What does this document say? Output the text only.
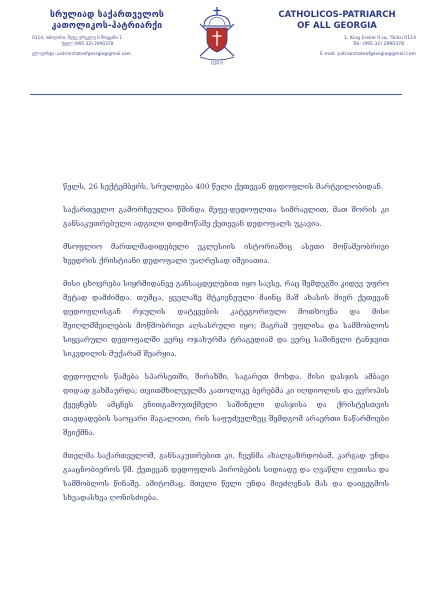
სრულიად საქართველოს
კათოლიკოს-პატრიარქი
0114, თბილისი, მეფე ერეკლე II შოყვანი 1
ტელ: (995 32) 2990378
ელ-ფოსტა: patriarchateofgeorgia@gmail.com
ILIA II
CATHOLICOS-PATRIARCH
OF ALL GEORGIA
1, King Erekle II sq. Tbilisi 0114
Tel: (995 32) 2990378
E-mail: patriarchateofgeorgia@gmail.com

წელს, 26 სექტემბერს, სრულდება 400 წელი ქეთევან დედოფლის მარტვილობიდან.

საქართველო გამორჩეულია წმინდა მეფე-დედოფლთა სიმრავლით, მათ შორის კი განსაკუთრებული ადგილი დიდმოწამე ქეთევან დედოფალს უკავია.

მსოფლიო მართლმადიდებელი ეკლესიის ისტორიაშიც ასეთი მოწამეობრივი ხვედრის ქრისტიანი დედოფალი უაღრესად იშვიათია.

მისი ცხოვრება სიყრმიდანვე განსაცდელებით იყო სავსე, რაც შემდეგში კიდევ უფრო მეტად დამძიმდა. თუმცა, ყველაზე მტკივნეული მაინც მაშ ახასის მიერ ქეთევან დედოფლისგან რჯულის დატევების კატეგორიული მოთხოვნა და მისი შეიღლმშვილების მოწმობრივი აღსასრული იყო; მაგრამ უფლისა და სამშობლოს სიყვარული დედოფალში ვერც ოჯახურმა ტრაგედიამ და ვერც საშინელი ტანჯვით სიკვდილის მუქარამ შეარყია.

დედოფლის წამება სპარსეთში, შირაზში, საგარეთ მოხდა. მისი დასჯის ამბავი დიდად გახმაურდა; თვითმხილველმა კათოლიკე ბერებმა კი იღდიოლის და ევროპის ქვეყნებს ამცნეს ენითგამოუთქმელი საშინელი დასჯისა და ქრისტესთვის თავდადების საოცარი მაგალითი, რის საფუძველზეც შემდგომ არაერთი ნაწარმოები შეიქმნა.

მთელმა საქართველომ, განსაკუთრებით კი, ჩვენმა ახალგაზრდობამ, კარგად უნდა გააცნობიეროს წმ. ქეთევან დედოფლის პირობების სიდიადე და ღვაწლი ღვთისა და სამშობლოს წინაშე. ამიტომაც, მთელი წელი უნდა მიეძღვნას მას და დაიგეგმოს სხვადასხვა ღონისძიება.
